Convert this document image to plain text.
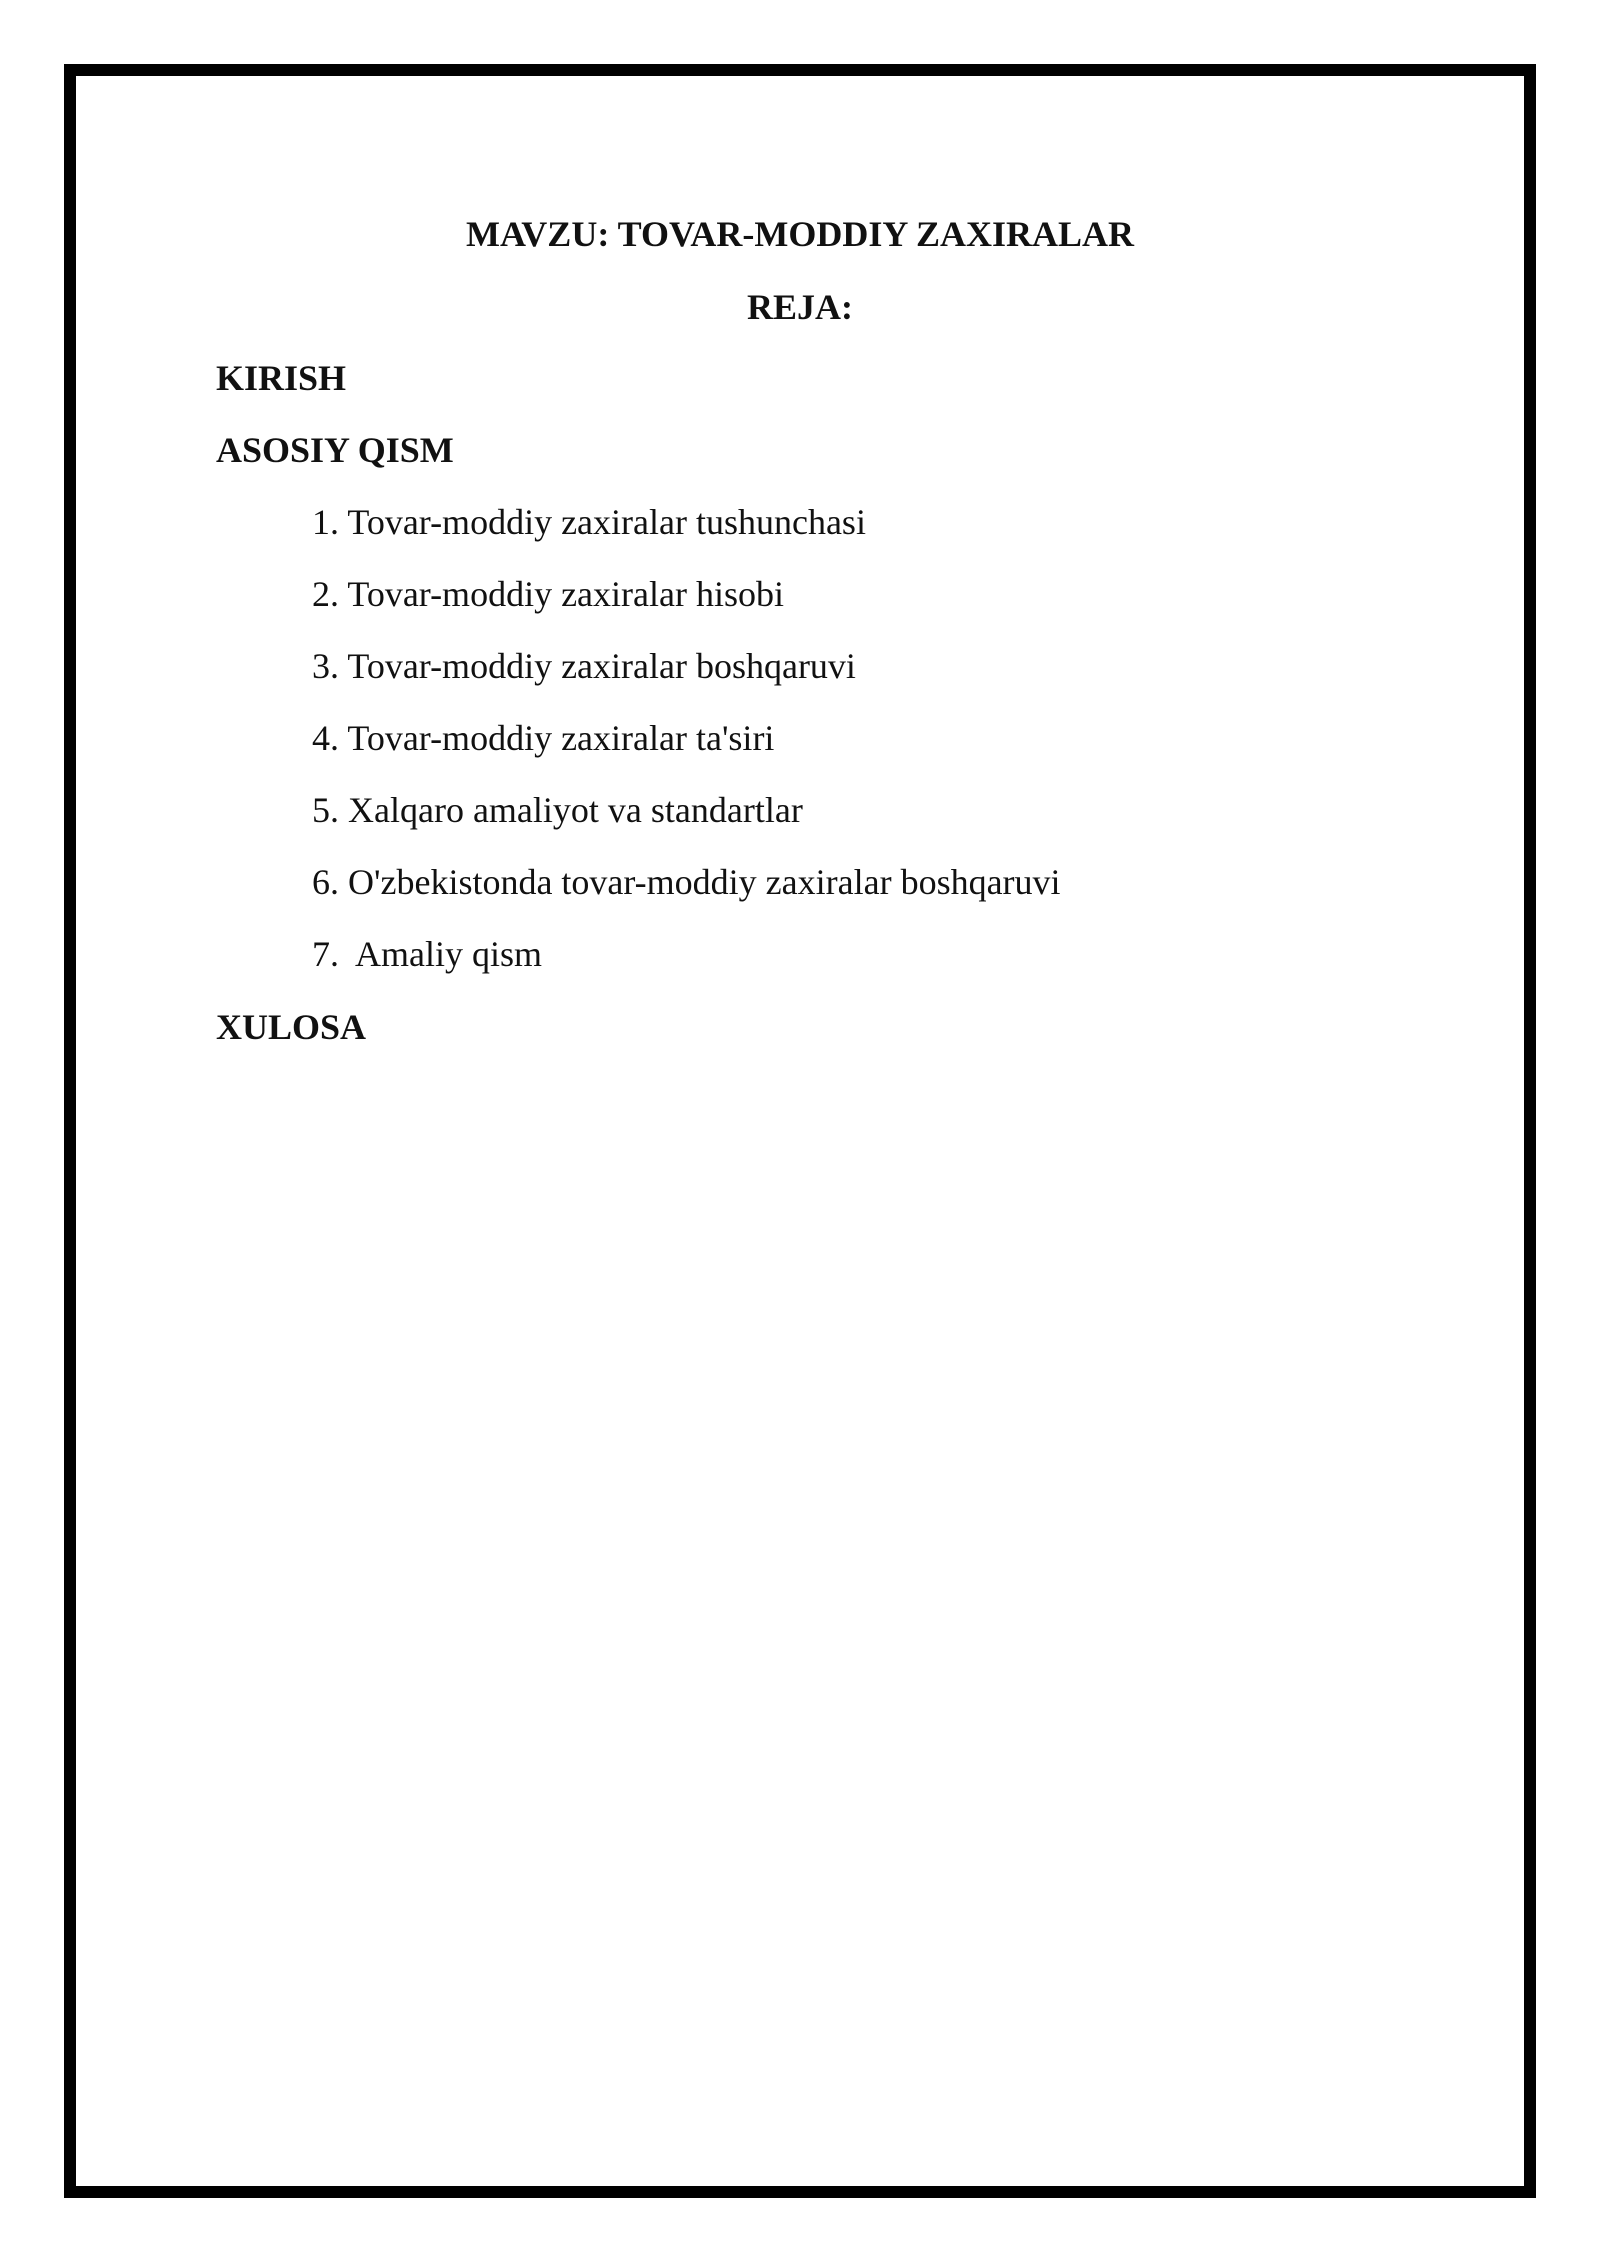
MAVZU: TOVAR-MODDIY ZAXIRALAR
REJA:
KIRISH
ASOSIY QISM
1. Tovar-moddiy zaxiralar tushunchasi
2. Tovar-moddiy zaxiralar hisobi
3. Tovar-moddiy zaxiralar boshqaruvi
4. Tovar-moddiy zaxiralar ta'siri
5. Xalqaro amaliyot va standartlar
6. O'zbekistonda tovar-moddiy zaxiralar boshqaruvi
7.  Amaliy qism
XULOSA
